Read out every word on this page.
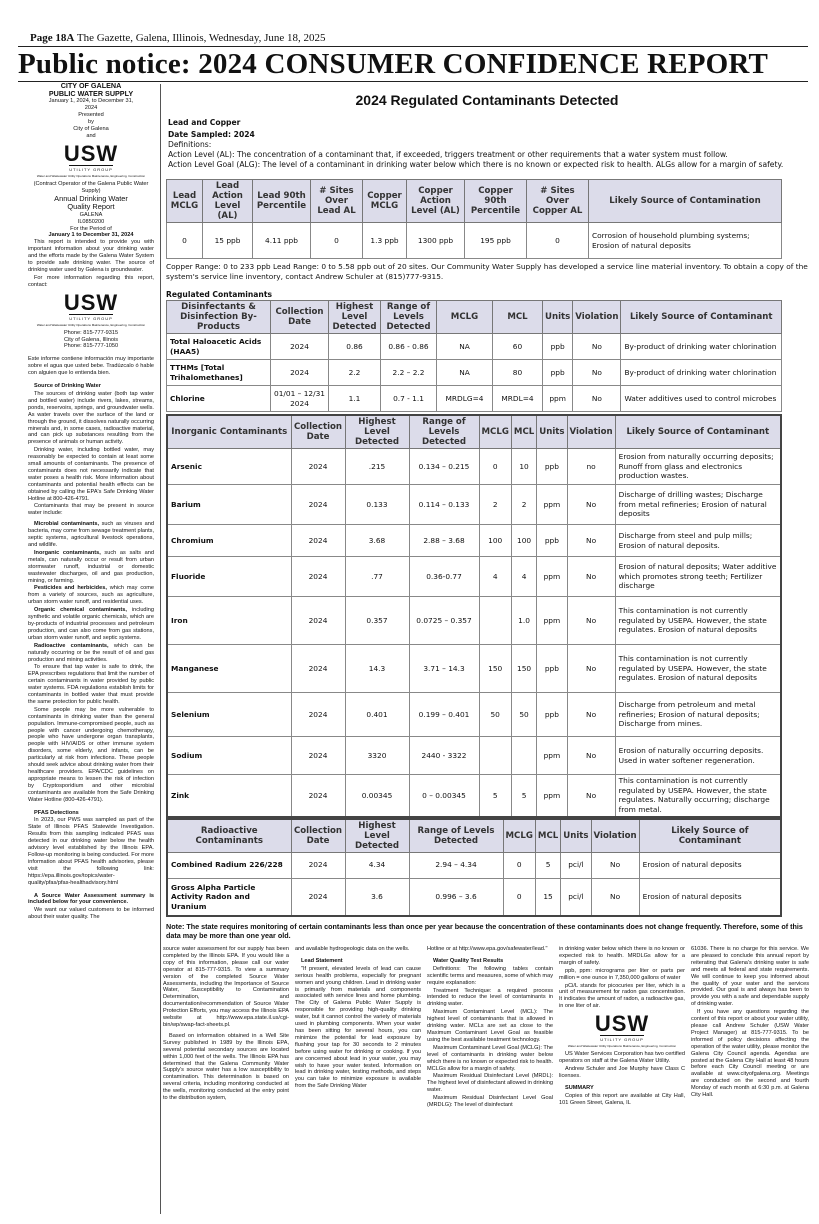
Page 18A The Gazette, Galena, Illinois, Wednesday, June 18, 2025
Public notice: 2024 CONSUMER CONFIDENCE REPORT
CITY OF GALENA
PUBLIC WATER SUPPLY
January 1, 2024, to December 31, 2024
Presented
by
City of Galena
and
USW
UTILITY GROUP
Water and Wastewater Utility Operations Maintenance, Engineering, Construction
(Contract Operator of the Galena Public Water Supply)
Annual Drinking Water
Quality Report
GALENA
IL0850200
For the Period of
January 1 to December 31, 2024

This report is intended to provide you with important information about your drinking water and the efforts made by the Galena Water System to provide safe drinking water. The source of drinking water used by Galena is groundwater.

For more information regarding this report, contact:

USW
UTILITY GROUP
Water and Wastewater Utility Operations Maintenance, Engineering, Construction
Phone: 815-777-9315
City of Galena, Illinois
Phone: 815-777-1050

Este informe contiene información muy importante sobre el agua que usted bebe. Tradúzcalo ó hable con alguien que lo entienda bien.

Source of Drinking Water

The sources of drinking water (both tap water and bottled water) include rivers, lakes, streams, ponds, reservoirs, springs, and groundwater wells. As water travels over the surface of the land or through the ground, it dissolves naturally occurring minerals and, in some cases, radioactive material, and can pick up substances resulting from the presence of animals or human activity.

Drinking water, including bottled water, may reasonably be expected to contain at least some small amounts of contaminants. The presence of contaminants does not necessarily indicate that water poses a health risk. More information about contaminants and potential health effects can be obtained by calling the EPA's Safe Drinking Water Hotline at 800-426-4791.

Contaminants that may be present in source water include:

Microbial contaminants, such as viruses and bacteria, may come from sewage treatment plants, septic systems, agricultural livestock operations, and wildlife.

Inorganic contaminants, such as salts and metals, can naturally occur or result from urban stormwater runoff, industrial or domestic wastewater discharges, oil and gas production, mining, or farming.

Pesticides and herbicides, which may come from a variety of sources, such as agriculture, urban storm water runoff, and residential uses.

Organic chemical contaminants, including synthetic and volatile organic chemicals, which are by-products of industrial processes and petroleum production, and can also come from gas stations, urban storm water runoff, and septic systems.

Radioactive contaminants, which can be naturally occurring or be the result of oil and gas production and mining activities.

To ensure that tap water is safe to drink, the EPA prescribes regulations that limit the number of certain contaminants in water provided by public water systems. FDA regulations establish limits for contaminants in bottled water that must provide the same protection for public health.

Some people may be more vulnerable to contaminants in drinking water than the general population. Immune-compromised people, such as people with cancer undergoing chemotherapy, people who have undergone organ transplants, people with HIV/AIDS or other immune system disorders, some elderly, and infants, can be particularly at risk from infections. These people should seek advice about drinking water from their healthcare providers. EPA/CDC guidelines on appropriate means to lessen the risk of infection by Cryptosporidium and other microbial contaminants are available from the Safe Drinking Water Hotline (800-426-4791).

PFAS Detections

In 2023, our PWS was sampled as part of the State of Illinois PFAS Statewide Investigation. Results from this sampling indicated PFAS was detected in our drinking water below the health advisory level established by the Illinois EPA. Follow-up monitoring is being conducted. For more information about PFAS health advisories, please visit the following link: https://epa.illinois.gov/topics/water-quality/pfas/pfas-healthadvisory.html

A Source Water Assessment summary is included below for your convenience.

We want our valued customers to be informed about their water quality. The

2024 Regulated Contaminants Detected
Lead and Copper
Date Sampled: 2024
Definitions:
Action Level (AL): The concentration of a contaminant that, if exceeded, triggers treatment or other requirements that a water system must follow.
Action Level Goal (ALG): The level of a contaminant in drinking water below which there is no known or expected risk to health. ALGs allow for a margin of safety.
Lead MCLG	Lead Action Level (AL)	Lead 90th Percentile	# Sites Over Lead AL	Copper MCLG	Copper Action Level (AL)	Copper 90th Percentile	# Sites Over Copper AL	Likely Source of Contamination
0	15 ppb	4.11 ppb	0	1.3 ppb	1300 ppb	195 ppb	0	Corrosion of household plumbing systems; Erosion of natural deposits
Copper Range: 0 to 233 ppb Lead Range: 0 to 5.58 ppb out of 20 sites. Our Community Water Supply has developed a service line material inventory. To obtain a copy of the system's service line inventory, contact Andrew Schuler at (815)777-9315.
Regulated Contaminants
Disinfectants & Disinfection By-Products	Collection Date	Highest Level Detected	Range of Levels Detected	MCLG	MCL	Units	Violation	Likely Source of Contaminant
Total Haloacetic Acids (HAA5)	2024	0.86	0.86 - 0.86	NA	60	ppb	No	By-product of drinking water chlorination
TTHMs [Total Trihalomethanes]	2024	2.2	2.2 – 2.2	NA	80	ppb	No	By-product of drinking water chlorination
Chlorine	01/01 – 12/31 2024	1.1	0.7 - 1.1	MRDLG=4	MRDL=4	ppm	No	Water additives used to control microbes
Inorganic Contaminants	Collection Date	Highest Level Detected	Range of Levels Detected	MCLG	MCL	Units	Violation	Likely Source of Contaminant
Arsenic	2024	.215	0.134 – 0.215	0	10	ppb	no	Erosion from naturally occurring deposits; Runoff from glass and electronics production wastes.
Barium	2024	0.133	0.114 – 0.133	2	2	ppm	No	Discharge of drilling wastes; Discharge from metal refineries; Erosion of natural deposits
Chromium	2024	3.68	2.88 – 3.68	100	100	ppb	No	Discharge from steel and pulp mills; Erosion of natural deposits.
Fluoride	2024	.77	0.36-0.77	4	4	ppm	No	Erosion of natural deposits; Water additive which promotes strong teeth; Fertilizer discharge
Iron	2024	0.357	0.0725 – 0.357		1.0	ppm	No	This contamination is not currently regulated by USEPA. However, the state regulates. Erosion of natural deposits
Manganese	2024	14.3	3.71 – 14.3	150	150	ppb	No	This contamination is not currently regulated by USEPA. However, the state regulates. Erosion of natural deposits
Selenium	2024	0.401	0.199 – 0.401	50	50	ppb	No	Discharge from petroleum and metal refineries; Erosion of natural deposits; Discharge from mines.
Sodium	2024	3320	2440 - 3322			ppm	No	Erosion of naturally occurring deposits. Used in water softener regeneration.
Zink	2024	0.00345	0 – 0.00345	5	5	ppm	No	This contamination is not currently regulated by USEPA. However, the state regulates. Naturally occurring; discharge from metal.
Radioactive Contaminants	Collection Date	Highest Level Detected	Range of Levels Detected	MCLG	MCL	Units	Violation	Likely Source of Contaminant
Combined Radium 226/228	2024	4.34	2.94 – 4.34	0	5	pci/l	No	Erosion of natural deposits
Gross Alpha Particle Activity Radon and Uranium	2024	3.6	0.996 – 3.6	0	15	pci/l	No	Erosion of natural deposits
Note: The state requires monitoring of certain contaminants less than once per year because the concentration of these contaminants does not change frequently. Therefore, some of this data may be more than one year old.

source water assessment for our supply has been completed by the Illinois EPA. If you would like a copy of this information, please call our water operator at 815-777-9315. To view a summary version of the completed Source Water Assessments, including the Importance of Source Water, Susceptibility to Contamination Determination, and documentation/recommendation of Source Water Protection Efforts, you may access the Illinois EPA website at http://www.epa.state.il.us/cgi-bin/wp/swap-fact-sheets.pl.

Based on information obtained in a Well Site Survey published in 1989 by the Illinois EPA, several potential secondary sources are located within 1,000 feet of the wells. The Illinois EPA has determined that the Galena Community Water Supply's source water has a low susceptibility to contamination. This determination is based on several criteria, including monitoring conducted at the wells, monitoring conducted at the entry point to the distribution system,

and available hydrogeologic data on the wells.

Lead Statement

"If present, elevated levels of lead can cause serious health problems, especially for pregnant women and young children. Lead in drinking water is primarily from materials and components associated with service lines and home plumbing. The City of Galena Public Water Supply is responsible for providing high-quality drinking water, but it cannot control the variety of materials used in plumbing components. When your water has been sitting for several hours, you can minimize the potential for lead exposure by flushing your tap for 30 seconds to 2 minutes before using water for drinking or cooking. If you are concerned about lead in your water, you may wish to have your water tested. Information on lead in drinking water, testing methods, and steps you can take to minimize exposure is available from the Safe Drinking Water

Hotline or at http://www.epa.gov/safewater/lead."

Water Quality Test Results

Definitions: The following tables contain scientific terms and measures, some of which may require explanation:

Treatment Technique: a required process intended to reduce the level of contaminants in drinking water.

Maximum Contaminant Level (MCL): The highest level of contaminants that is allowed in drinking water. MCLs are set as close to the Maximum Contaminant Level Goal as feasible using the best available treatment technology.

Maximum Contaminant Level Goal (MCLG): The level of contaminants in drinking water below which there is no known or expected risk to health. MCLGs allow for a margin of safety.

Maximum Residual Disinfectant Level (MRDL): The highest level of disinfectant allowed in drinking water.

Maximum Residual Disinfectant Level Goal (MRDLG): The level of disinfectant

in drinking water below which there is no known or expected risk to health. MRDLGs allow for a margin of safety.

ppb, ppm: micrograms per liter or parts per million = one ounce in 7,350,000 gallons of water

pCi/L stands for picocuries per liter, which is a unit of measurement for radon gas concentration. It indicates the amount of radon, a radioactive gas, in one liter of air.

USW
UTILITY GROUP
Water and Wastewater Utility Operations Maintenance, Engineering, Construction

US Water Services Corporation has two certified operators on staff at the Galena Water Utility.

Andrew Schuler and Joe Murphy have Class C licenses.

SUMMARY

Copies of this report are available at City Hall, 101 Green Street, Galena, IL

61036. There is no charge for this service. We are pleased to conclude this annual report by reiterating that Galena's drinking water is safe and meets all federal and state requirements. We will continue to keep you informed about the quality of your water and the services provided. Our goal is and always has been to provide you with a safe and dependable supply of drinking water.

If you have any questions regarding the content of this report or about your water utility, please call Andrew Schuler (USW Water Project Manager) at 815-777-9315. To be informed of policy decisions affecting the operation of the water utility, please monitor the Galena City Council agenda. Agendas are posted at the Galena City Hall at least 48 hours before each City Council meeting or are available at www.cityofgalena.org. Meetings are conducted on the second and fourth Monday of each month at 6:30 p.m. at Galena City Hall.
